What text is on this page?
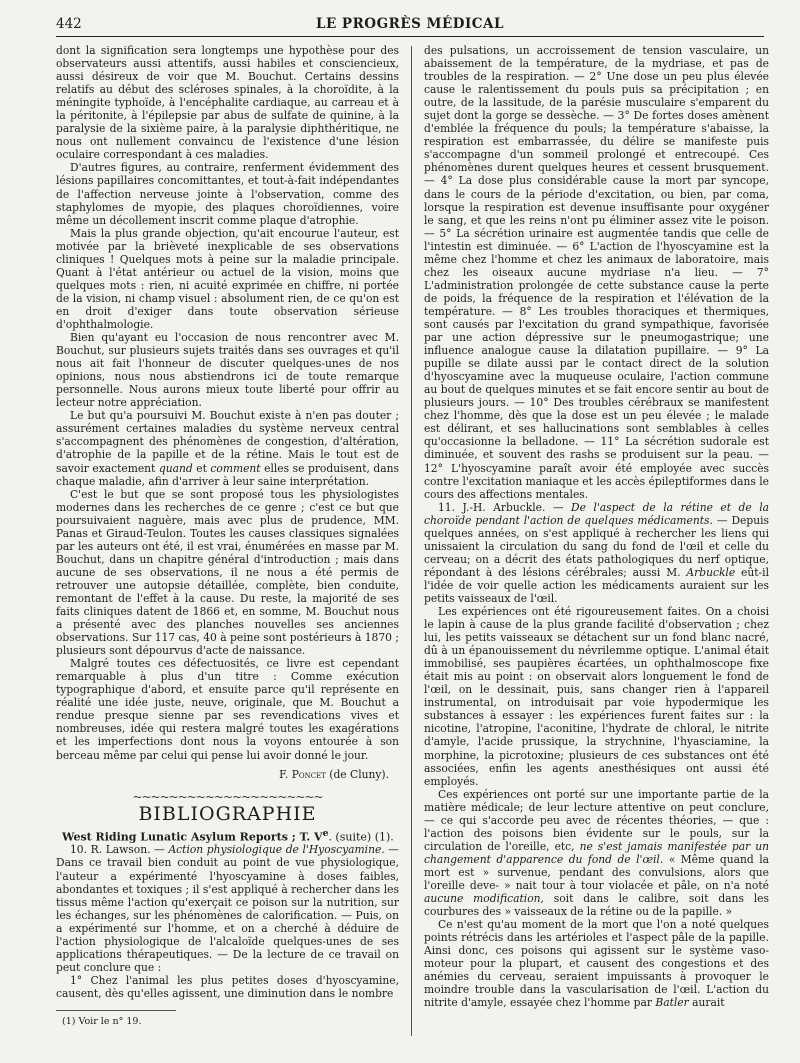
442	LE PROGRÈS MÉDICAL

dont la signification sera longtemps une hypothèse pour des observateurs aussi attentifs, aussi habiles et consciencieux, aussi désireux de voir que M. Bouchut. Certains dessins relatifs au début des scléroses spinales, à la choroïdite, à la méningite typhoïde, à l'encéphalite cardiaque, au carreau et à la péritonite, à l'épilepsie par abus de sulfate de quinine, à la paralysie de la sixième paire, à la paralysie diphthéritique, ne nous ont nullement convaincu de l'existence d'une lésion oculaire correspondant à ces maladies.

D'autres figures, au contraire, renferment évidemment des lésions papillaires concomittantes, et tout-à-fait indépendantes de l'affection nerveuse jointe à l'observation, comme des staphylomes de myopie, des plaques choroïdiennes, voire même un décollement inscrit comme plaque d'atrophie.

Mais la plus grande objection, qu'ait encourue l'auteur, est motivée par la brièveté inexplicable de ses observations cliniques ! Quelques mots à peine sur la maladie principale. Quant à l'état antérieur ou actuel de la vision, moins que quelques mots : rien, ni acuité exprimée en chiffre, ni portée de la vision, ni champ visuel : absolument rien, de ce qu'on est en droit d'exiger dans toute observation sérieuse d'ophthalmologie.

Bien qu'ayant eu l'occasion de nous rencontrer avec M. Bouchut, sur plusieurs sujets traités dans ses ouvrages et qu'il nous ait fait l'honneur de discuter quelques-unes de nos opinions, nous nous abstiendrons ici de toute remarque personnelle. Nous aurons mieux toute liberté pour offrir au lecteur notre appréciation.

Le but qu'a poursuivi M. Bouchut existe à n'en pas douter ; assurément certaines maladies du système nerveux central s'accompagnent des phénomènes de congestion, d'altération, d'atrophie de la papille et de la rétine. Mais le tout est de savoir exactement quand et comment elles se produisent, dans chaque maladie, afin d'arriver à leur saine interprétation.

C'est le but que se sont proposé tous les physiologistes modernes dans les recherches de ce genre ; c'est ce but que poursuivaient naguère, mais avec plus de prudence, MM. Panas et Giraud-Teulon. Toutes les causes classiques signalées par les auteurs ont été, il est vrai, énumérées en masse par M. Bouchut, dans un chapitre général d'introduction ; mais dans aucune de ses observations, il ne nous a été permis de retrouver une autopsie détaillée, complète, bien conduite, remontant de l'effet à la cause. Du reste, la majorité de ses faits cliniques datent de 1866 et, en somme, M. Bouchut nous a présenté avec des planches nouvelles ses anciennes observations. Sur 117 cas, 40 à peine sont postérieurs à 1870 ; plusieurs sont dépourvus d'acte de naissance.

Malgré toutes ces défectuosités, ce livre est cependant remarquable à plus d'un titre : Comme exécution typographique d'abord, et ensuite parce qu'il représente en réalité une idée juste, neuve, originale, que M. Bouchut a rendue presque sienne par ses revendications vives et nombreuses, idée qui restera malgré toutes les exagérations et les imperfections dont nous la voyons entourée à son berceau même par celui qui pense lui avoir donné le jour.

F. Poncet (de Cluny).
~~~~~~~~~~~~~~~~~~~~~
BIBLIOGRAPHIE

West Riding Lunatic Asylum Reports ; T. Ve. (suite) (1).

10. R. Lawson. — Action physiologique de l'Hyoscyamine. — Dans ce travail bien conduit au point de vue physiologique, l'auteur a expérimenté l'hyoscyamine à doses faibles, abondantes et toxiques ; il s'est appliqué à rechercher dans les tissus même l'action qu'exerçait ce poison sur la nutrition, sur les échanges, sur les phénomènes de calorification. — Puis, on a expérimenté sur l'homme, et on a cherché à déduire de l'action physiologique de l'alcaloïde quelques-unes de ses applications thérapeutiques. — De la lecture de ce travail on peut conclure que :

1° Chez l'animal les plus petites doses d'hyoscyamine, causent, dès qu'elles agissent, une diminution dans le nombre

(1) Voir le n° 19.

des pulsations, un accroissement de tension vasculaire, un abaissement de la température, de la mydriase, et pas de troubles de la respiration. — 2° Une dose un peu plus élevée cause le ralentissement du pouls puis sa précipitation ; en outre, de la lassitude, de la parésie musculaire s'emparent du sujet dont la gorge se dessèche. — 3° De fortes doses amènent d'emblée la fréquence du pouls; la température s'abaisse, la respiration est embarrassée, du délire se manifeste puis s'accompagne d'un sommeil prolongé et entrecoupé. Ces phénomènes durent quelques heures et cessent brusquement. — 4° La dose plus considérable cause la mort par syncope, dans le cours de la période d'excitation, ou bien, par coma, lorsque la respiration est devenue insuffisante pour oxygéner le sang, et que les reins n'ont pu éliminer assez vite le poison. — 5° La sécrétion urinaire est augmentée tandis que celle de l'intestin est diminuée. — 6° L'action de l'hyoscyamine est la même chez l'homme et chez les animaux de laboratoire, mais chez les oiseaux aucune mydriase n'a lieu. — 7° L'administration prolongée de cette substance cause la perte de poids, la fréquence de la respiration et l'élévation de la température. — 8° Les troubles thoraciques et thermiques, sont causés par l'excitation du grand sympathique, favorisée par une action dépressive sur le pneumogastrique; une influence analogue cause la dilatation pupillaire. — 9° La pupille se dilate aussi par le contact direct de la solution d'hyoscyamine avec la muqueuse oculaire, l'action commune au bout de quelques minutes et se fait encore sentir au bout de plusieurs jours. — 10° Des troubles cérébraux se manifestent chez l'homme, dès que la dose est un peu élevée ; le malade est délirant, et ses hallucinations sont semblables à celles qu'occasionne la belladone. — 11° La sécrétion sudorale est diminuée, et souvent des rashs se produisent sur la peau. — 12° L'hyoscyamine paraît avoir été employée avec succès contre l'excitation maniaque et les accès épileptiformes dans le cours des affections mentales.

11. J.-H. Arbuckle. — De l'aspect de la rétine et de la choroïde pendant l'action de quelques médicaments. — Depuis quelques années, on s'est appliqué à rechercher les liens qui unissaient la circulation du sang du fond de l'œil et celle du cerveau; on a décrit des états pathologiques du nerf optique, répondant à des lésions cérébrales; aussi M. Arbuckle eût-il l'idée de voir quelle action les médicaments auraient sur les petits vaisseaux de l'œil.

Les expériences ont été rigoureusement faites. On a choisi le lapin à cause de la plus grande facilité d'observation ; chez lui, les petits vaisseaux se détachent sur un fond blanc nacré, dû à un épanouissement du névrilemme optique. L'animal était immobilisé, ses paupières écartées, un ophthalmoscope fixe était mis au point : on observait alors longuement le fond de l'œil, on le dessinait, puis, sans changer rien à l'appareil instrumental, on introduisait par voie hypodermique les substances à essayer : les expériences furent faites sur : la nicotine, l'atropine, l'aconitine, l'hydrate de chloral, le nitrite d'amyle, l'acide prussique, la strychnine, l'hyasciamine, la morphine, la picrotoxine; plusieurs de ces substances ont été associées, enfin les agents anesthésiques ont aussi été employés.

Ces expériences ont porté sur une importante partie de la matière médicale; de leur lecture attentive on peut conclure, — ce qui s'accorde peu avec de récentes théories, — que : l'action des poisons bien évidente sur le pouls, sur la circulation de l'oreille, etc, ne s'est jamais manifestée par un changement d'apparence du fond de l'œil. « Même quand la mort est » survenue, pendant des convulsions, alors que l'oreille deve- » nait tour à tour violacée et pâle, on n'a noté aucune modification, soit dans le calibre, soit dans les courbures des » vaisseaux de la rétine ou de la papille. »

Ce n'est qu'au moment de la mort que l'on a noté quelques points rétrécis dans les artérioles et l'aspect pâle de la papille. Ainsi donc, ces poisons qui agissent sur le système vaso-moteur pour la plupart, et causent des congestions et des anémies du cerveau, seraient impuissants à provoquer le moindre trouble dans la vascularisation de l'œil. L'action du nitrite d'amyle, essayée chez l'homme par Batler aurait
